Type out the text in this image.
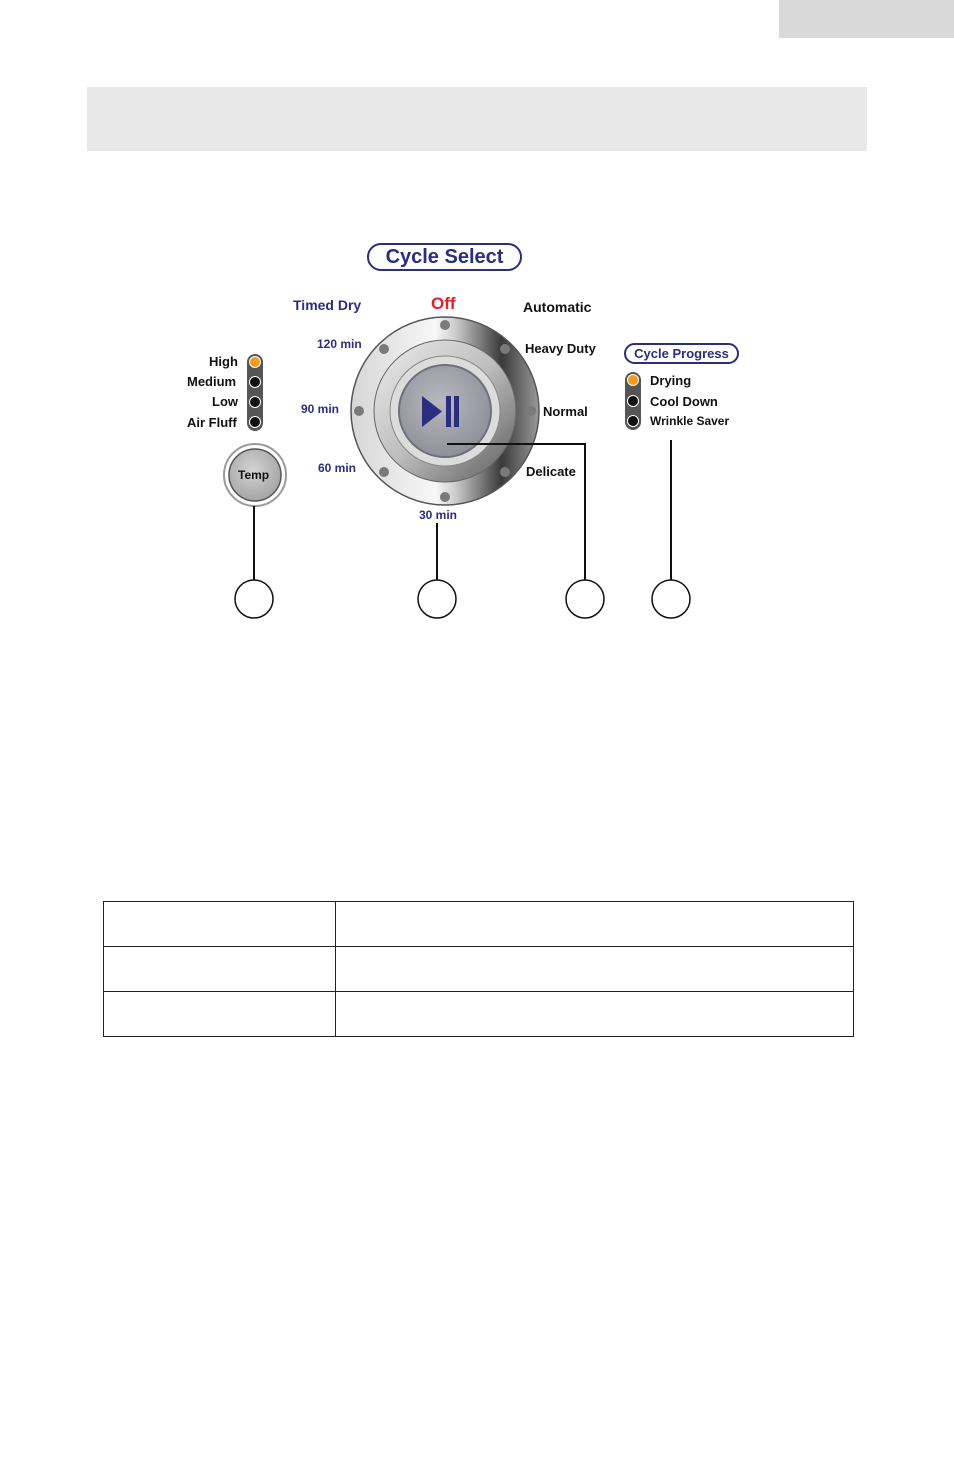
Cycle Select
Off
Timed Dry	Automatic
120 min
90 min
60 min
30 min
Heavy Duty
Normal
Delicate
High
Medium
Low
Air Fluff
Temp
Cycle Progress
Drying
Cool Down
Wrinkle Saver
